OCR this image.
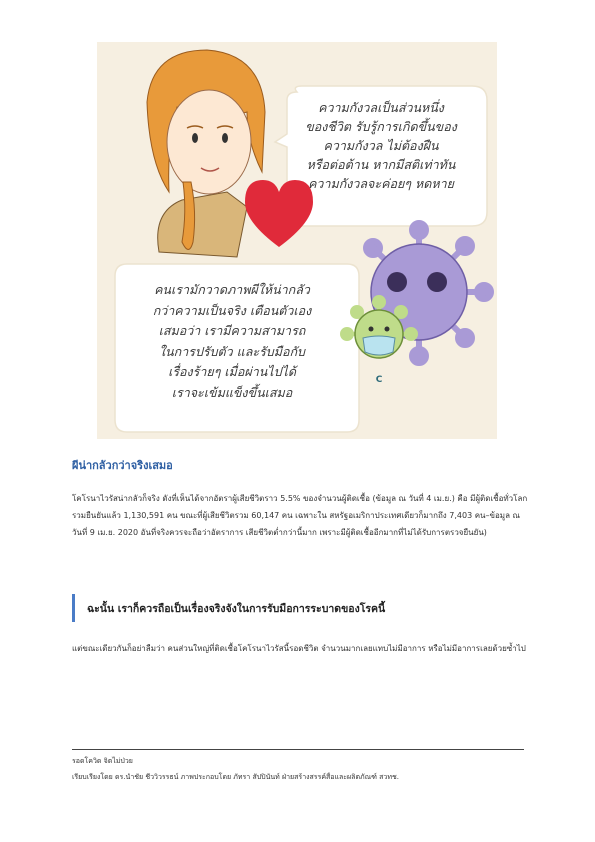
ความกังวลเป็นส่วนหนึ่ง
ของชีวิต รับรู้การเกิดขึ้นของ
ความกังวล ไม่ต้องฝืน
หรือต่อต้าน หากมีสติเท่าทัน
ความกังวลจะค่อยๆ หดหาย
คนเรามักวาดภาพผีให้น่ากลัว
กว่าความเป็นจริง เตือนตัวเอง
เสมอว่า เรามีความสามารถ
ในการปรับตัว และรับมือกับ
เรื่องร้ายๆ เมื่อผ่านไปได้
เราจะเข้มแข็งขึ้นเสมอ
C
ผีน่ากลัวกว่าจริงเสมอ

โคโรนาไวรัสน่ากลัวก็จริง ดังที่เห็นได้จากอัตราผู้เสียชีวิตราว 5.5% ของจำนวนผู้ติดเชื้อ (ข้อมูล ณ วันที่ 4 เม.ย.) คือ มีผู้ติดเชื้อทั่วโลกรวมยืนยันแล้ว 1,130,591 คน ขณะที่ผู้เสียชีวิตรวม 60,147 คน เฉพาะใน สหรัฐอเมริกาประเทศเดียวก็มากถึง 7,403 คน–ข้อมูล ณ วันที่ 9 เม.ย. 2020 อันที่จริงควรจะถือว่าอัตราการ เสียชีวิตต่ำกว่านี้มาก เพราะมีผู้ติดเชื้ออีกมากที่ไม่ได้รับการตรวจยืนยัน)

ฉะนั้น เราก็ควรถือเป็นเรื่องจริงจังในการรับมือการระบาดของโรคนี้

แต่ขณะเดียวกันก็อย่าลืมว่า คนส่วนใหญ่ที่ติดเชื้อโคโรนาไวรัสนี้รอดชีวิต จำนวนมากเลยแทบไม่มีอาการ หรือไม่มีอาการเลยด้วยซ้ำไป

รอดโควิด จิตไม่ป่วย

เรียบเรียงโดย ดร.นำชัย ชีววิวรรธน์ ภาพประกอบโดย ภัทรา สัปปินันท์ ฝ่ายสร้างสรรค์สื่อและผลิตภัณฑ์ สวทช.
